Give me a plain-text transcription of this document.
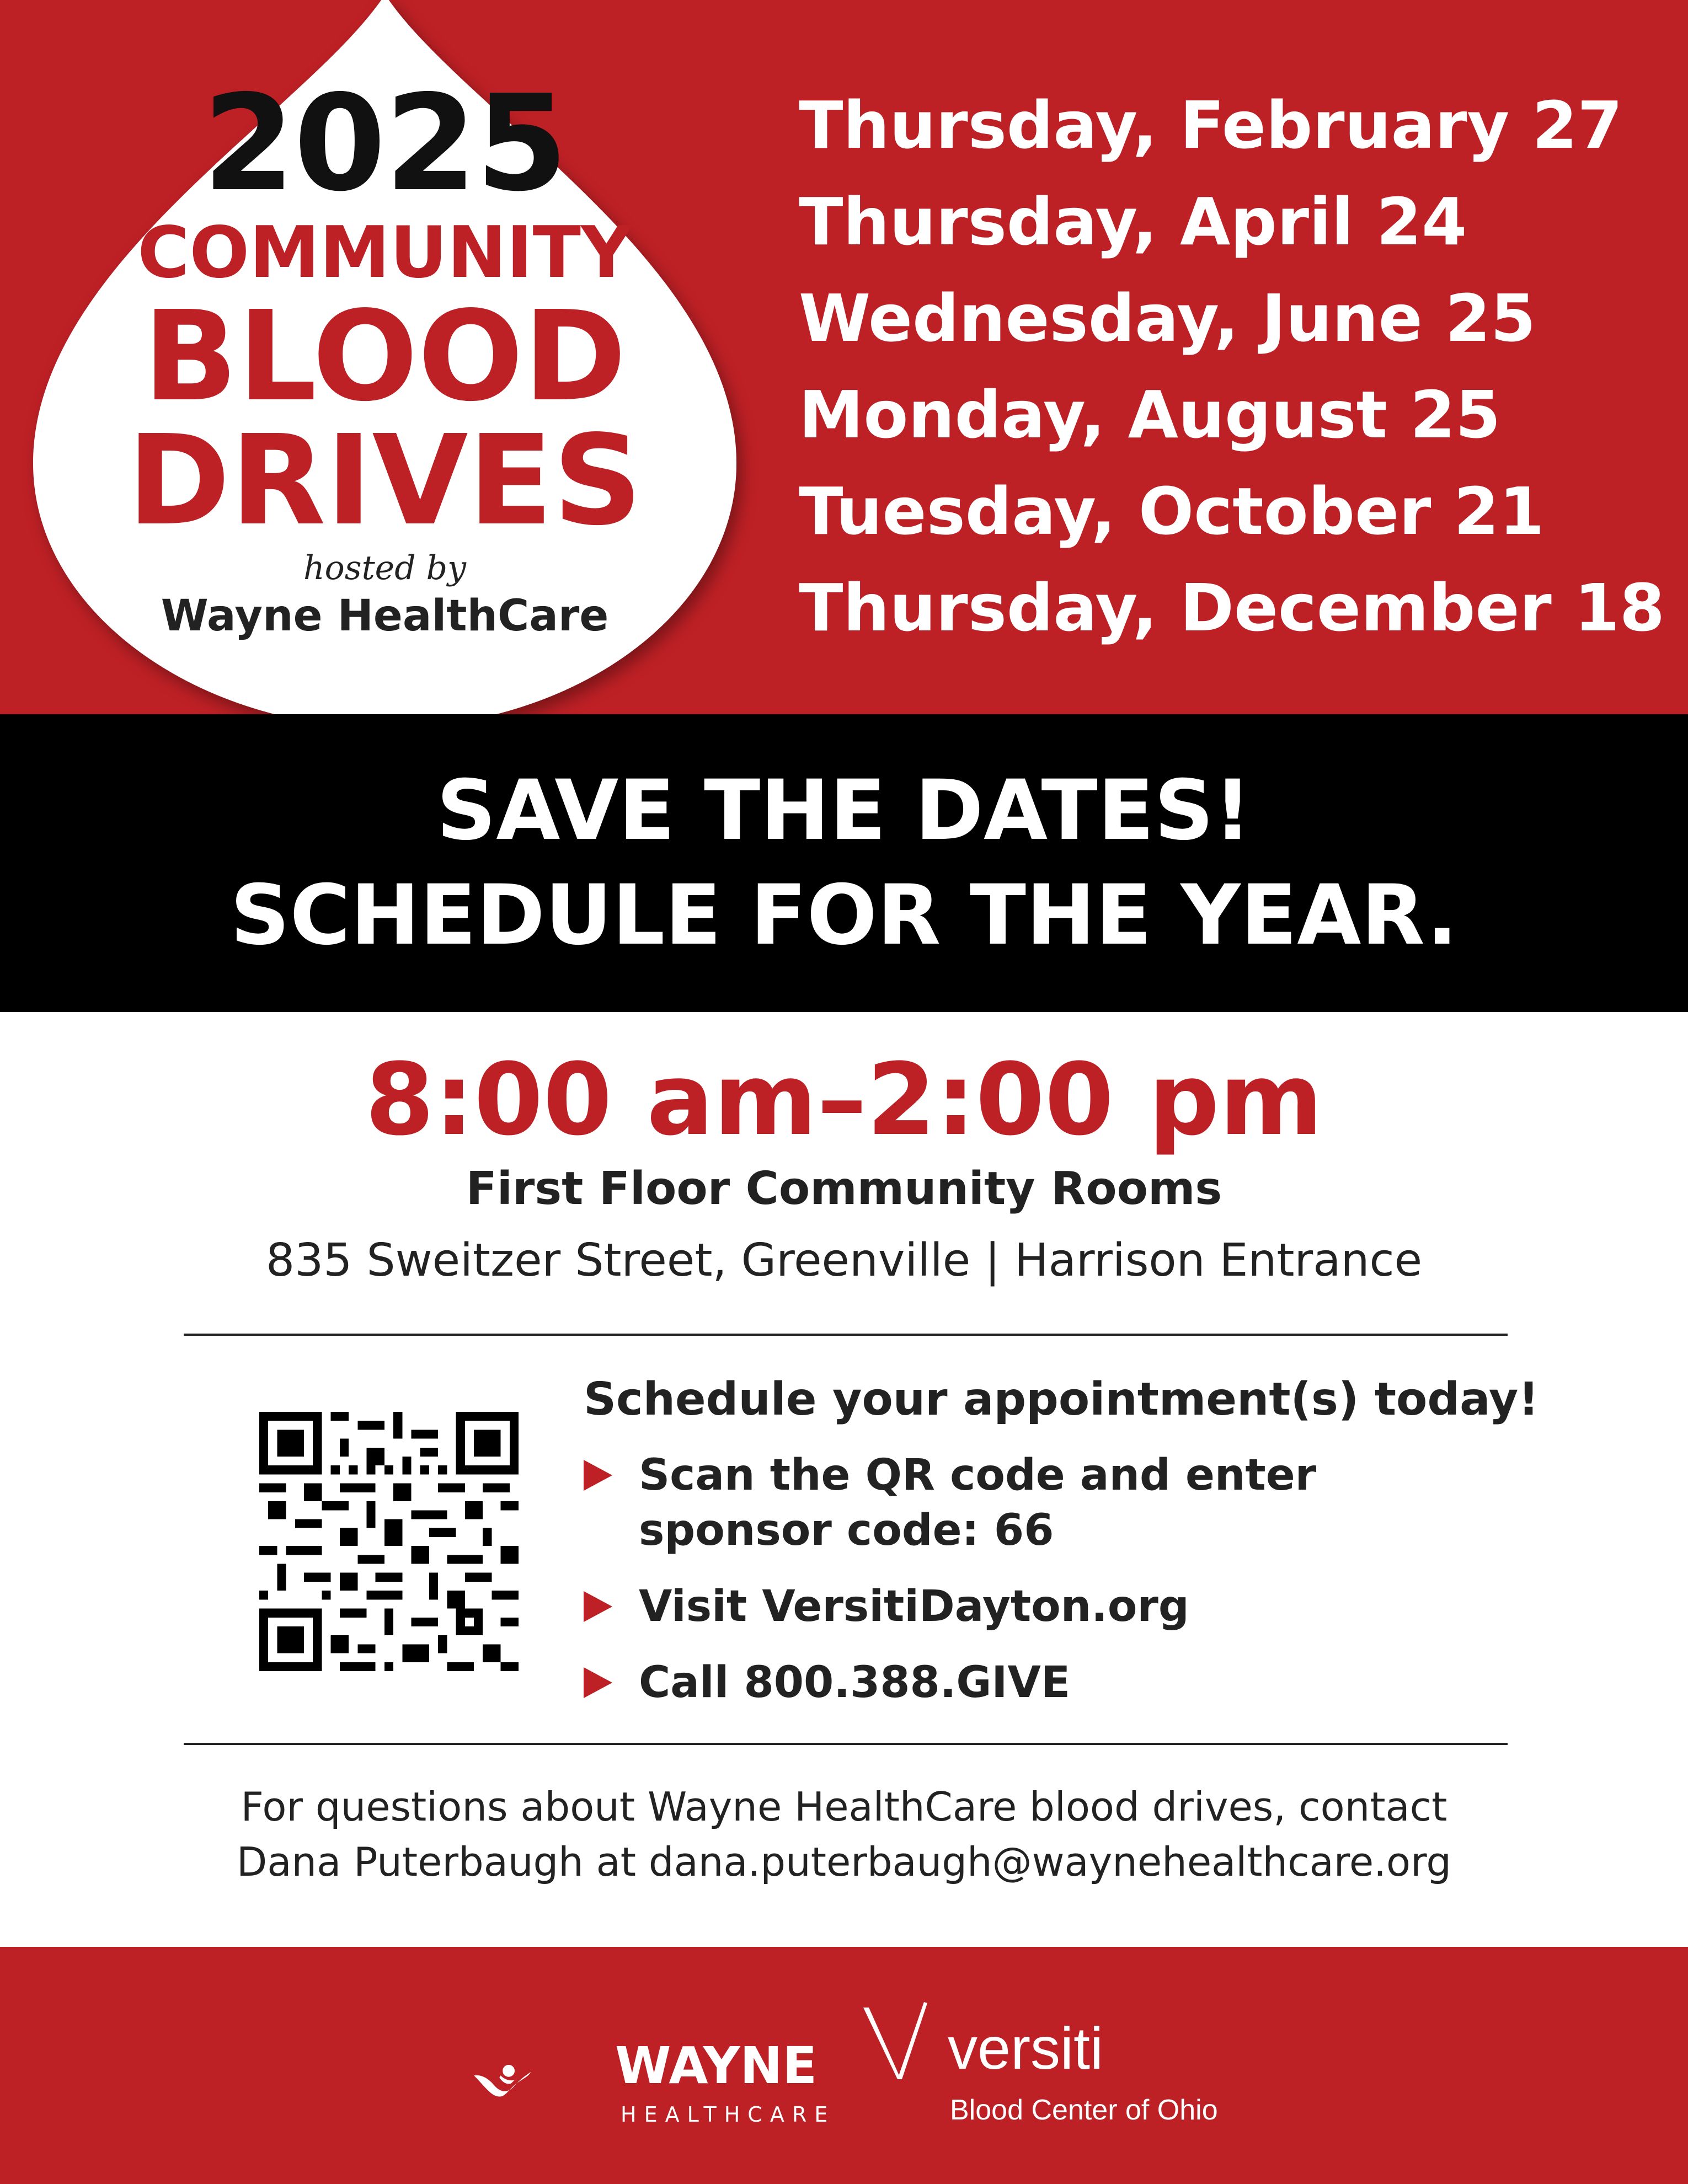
2025
COMMUNITY
BLOOD
DRIVES
hosted by
Wayne HealthCare
Thursday, February 27
Thursday, April 24
Wednesday, June 25
Monday, August 25
Tuesday, October 21
Thursday, December 18
SAVE THE DATES!
SCHEDULE FOR THE YEAR.
8:00 am–2:00 pm
First Floor Community Rooms
835 Sweitzer Street, Greenville | Harrison Entrance
Schedule your appointment(s) today!
Scan the QR code and enter sponsor code: 66
Visit VersitiDayton.org
Call 800.388.GIVE
For questions about Wayne HealthCare blood drives, contact
Dana Puterbaugh at dana.puterbaugh@waynehealthcare.org
WAYNE
HEALTHCARE
versiti
Blood Center of Ohio
